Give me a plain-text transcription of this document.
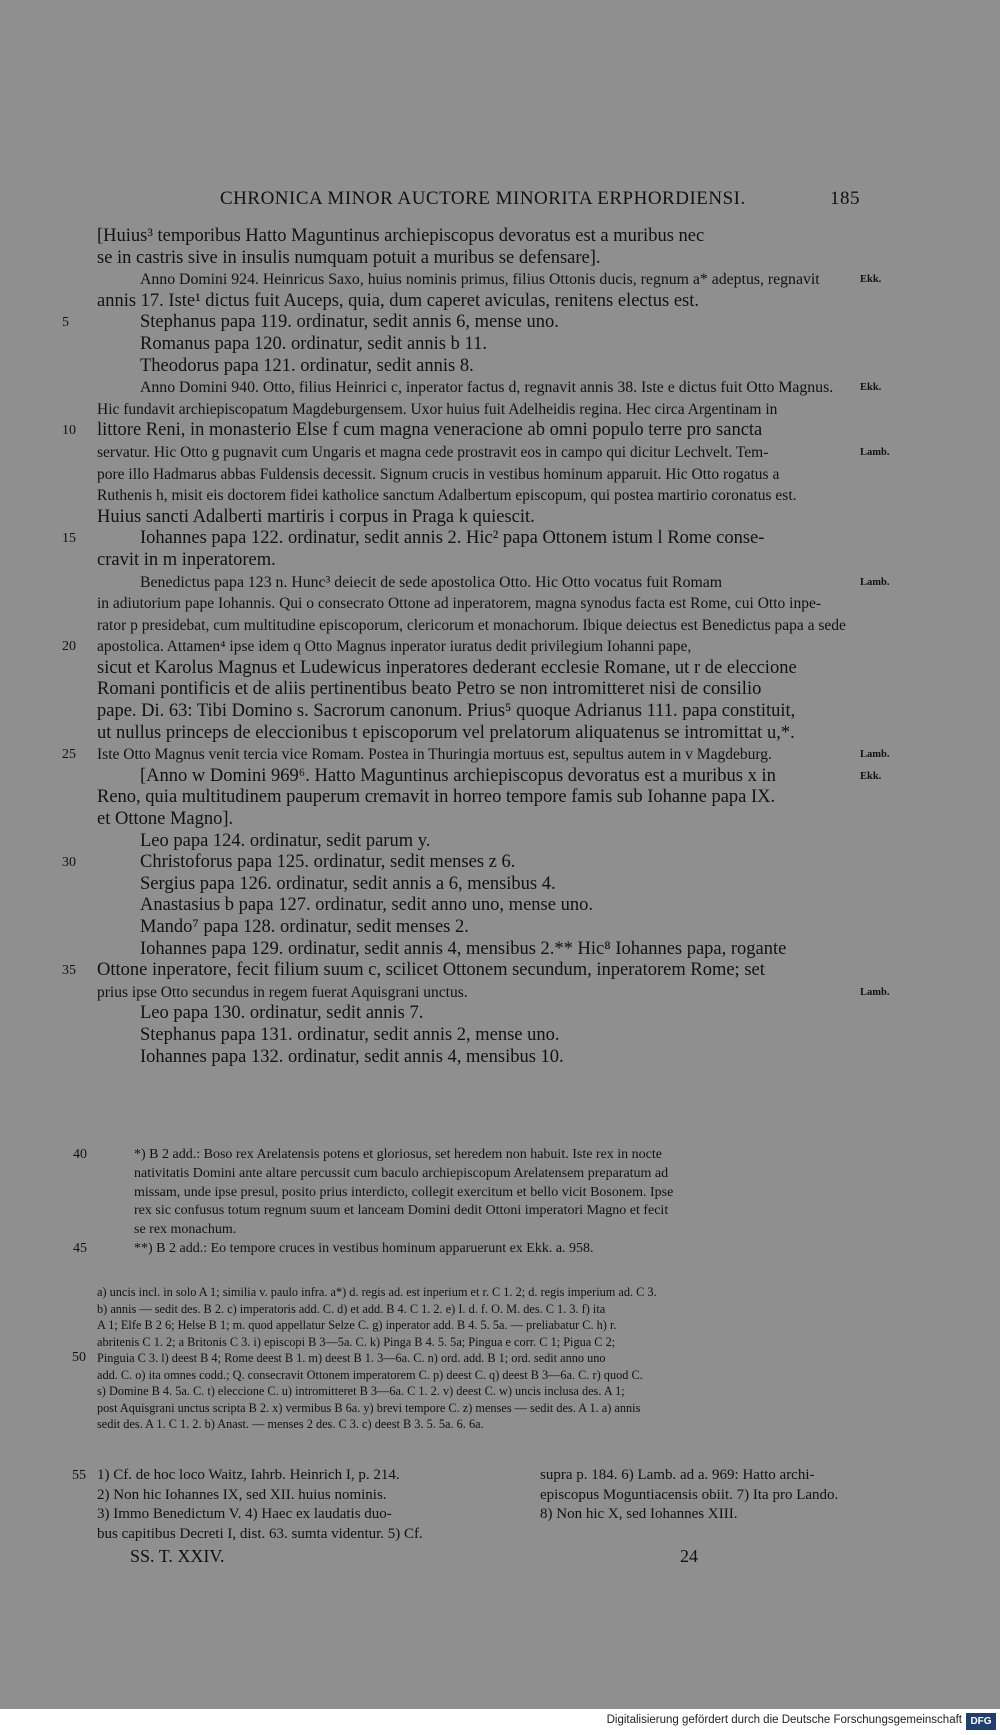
CHRONICA MINOR AUCTORE MINORITA ERPHORDIENSI.	185
[Huius³ temporibus Hatto Maguntinus archiepiscopus devoratus est a muribus nec
se in castris sive in insulis numquam potuit a muribus se defensare].
Anno Domini 924. Heinricus Saxo, huius nominis primus, filius Ottonis ducis, regnum a* adeptus, regnavit	Ekk.
annis 17. Iste¹ dictus fuit Auceps, quia, dum caperet aviculas, renitens electus est.
5	Stephanus papa 119. ordinatur, sedit annis 6, mense uno.
Romanus papa 120. ordinatur, sedit annis b 11.
Theodorus papa 121. ordinatur, sedit annis 8.
Anno Domini 940. Otto, filius Heinrici c, inperator factus d, regnavit annis 38. Iste e dictus fuit Otto Magnus.	Ekk.
Hic fundavit archiepiscopatum Magdeburgensem. Uxor huius fuit Adelheidis regina. Hec circa Argentinam in
10	littore Reni, in monasterio Else f cum magna veneracione ab omni populo terre pro sancta
servatur. Hic Otto g pugnavit cum Ungaris et magna cede prostravit eos in campo qui dicitur Lechvelt. Tem-	Lamb.
pore illo Hadmarus abbas Fuldensis decessit. Signum crucis in vestibus hominum apparuit. Hic Otto rogatus a
Ruthenis h, misit eis doctorem fidei katholice sanctum Adalbertum episcopum, qui postea martirio coronatus est.
Huius sancti Adalberti martiris i corpus in Praga k quiescit.
15	Iohannes papa 122. ordinatur, sedit annis 2. Hic² papa Ottonem istum l Rome conse-
cravit in m inperatorem.
Benedictus papa 123 n. Hunc³ deiecit de sede apostolica Otto. Hic Otto vocatus fuit Romam	Lamb.
in adiutorium pape Iohannis. Qui o consecrato Ottone ad inperatorem, magna synodus facta est Rome, cui Otto inpe-
rator p presidebat, cum multitudine episcoporum, clericorum et monachorum. Ibique deiectus est Benedictus papa a sede
20	apostolica. Attamen⁴ ipse idem q Otto Magnus inperator iuratus dedit privilegium Iohanni pape,
sicut et Karolus Magnus et Ludewicus inperatores dederant ecclesie Romane, ut r de eleccione
Romani pontificis et de aliis pertinentibus beato Petro se non intromitteret nisi de consilio
pape. Di. 63: Tibi Domino s. Sacrorum canonum. Prius⁵ quoque Adrianus 111. papa constituit,
ut nullus princeps de eleccionibus t episcoporum vel prelatorum aliquatenus se intromittat u,*.
25	Iste Otto Magnus venit tercia vice Romam. Postea in Thuringia mortuus est, sepultus autem in v Magdeburg.	Lamb.
[Anno w Domini 969⁶. Hatto Maguntinus archiepiscopus devoratus est a muribus x in	Ekk.
Reno, quia multitudinem pauperum cremavit in horreo tempore famis sub Iohanne papa IX.
et Ottone Magno].
Leo papa 124. ordinatur, sedit parum y.
30	Christoforus papa 125. ordinatur, sedit menses z 6.
Sergius papa 126. ordinatur, sedit annis a 6, mensibus 4.
Anastasius b papa 127. ordinatur, sedit anno uno, mense uno.
Mando⁷ papa 128. ordinatur, sedit menses 2.
Iohannes papa 129. ordinatur, sedit annis 4, mensibus 2.** Hic⁸ Iohannes papa, rogante
35	Ottone inperatore, fecit filium suum c, scilicet Ottonem secundum, inperatorem Rome; set
prius ipse Otto secundus in regem fuerat Aquisgrani unctus.	Lamb.
Leo papa 130. ordinatur, sedit annis 7.
Stephanus papa 131. ordinatur, sedit annis 2, mense uno.
Iohannes papa 132. ordinatur, sedit annis 4, mensibus 10.
40	*) B 2 add.: Boso rex Arelatensis potens et gloriosus, set heredem non habuit. Iste rex in nocte
nativitatis Domini ante altare percussit cum baculo archiepiscopum Arelatensem preparatum ad
missam, unde ipse presul, posito prius interdicto, collegit exercitum et bello vicit Bosonem. Ipse
rex sic confusus totum regnum suum et lanceam Domini dedit Ottoni imperatori Magno et fecit
se rex monachum.
45	**) B 2 add.: Eo tempore cruces in vestibus hominum apparuerunt ex Ekk. a. 958.
a) uncis incl. in solo A 1; similia v. paulo infra. a*) d. regis ad. est inperium et r. C 1. 2; d. regis imperium ad. C 3.
b) annis — sedit des. B 2. c) imperatoris add. C. d) et add. B 4. C 1. 2. e) I. d. f. O. M. des. C 1. 3. f) ita
A 1; Elfe B 2 6; Helse B 1; m. quod appellatur Selze C. g) inperator add. B 4. 5. 5a. — preliabatur C. h) r.
abritenis C 1. 2; a Britonis C 3. i) episcopi B 3—5a. C. k) Pinga B 4. 5. 5a; Pingua e corr. C 1; Pigua C 2;
50 Pinguia C 3. l) deest B 4; Rome deest B 1. m) deest B 1. 3—6a. C. n) ord. add. B 1; ord. sedit anno uno
add. C. o) ita omnes codd.; Q. consecravit Ottonem imperatorem C. p) deest C. q) deest B 3—6a. C. r) quod C.
s) Domine B 4. 5a. C. t) eleccione C. u) intromitteret B 3—6a. C 1. 2. v) deest C. w) uncis inclusa des. A 1;
post Aquisgrani unctus scripta B 2. x) vermibus B 6a. y) brevi tempore C. z) menses — sedit des. A 1. a) annis
sedit des. A 1. C 1. 2. b) Anast. — menses 2 des. C 3. c) deest B 3. 5. 5a. 6. 6a.
55 1) Cf. de hoc loco Waitz, Iahrb. Heinrich I, p. 214.	supra p. 184. 6) Lamb. ad a. 969: Hatto archi-
2) Non hic Iohannes IX, sed XII. huius nominis.	episcopus Moguntiacensis obiit. 7) Ita pro Lando.
3) Immo Benedictum V. 4) Haec ex laudatis duo-	8) Non hic X, sed Iohannes XIII.
bus capitibus Decreti I, dist. 63. sumta videntur. 5) Cf.
SS. T. XXIV.	24
Digitalisierung gefördert durch die Deutsche Forschungsgemeinschaft DFG
